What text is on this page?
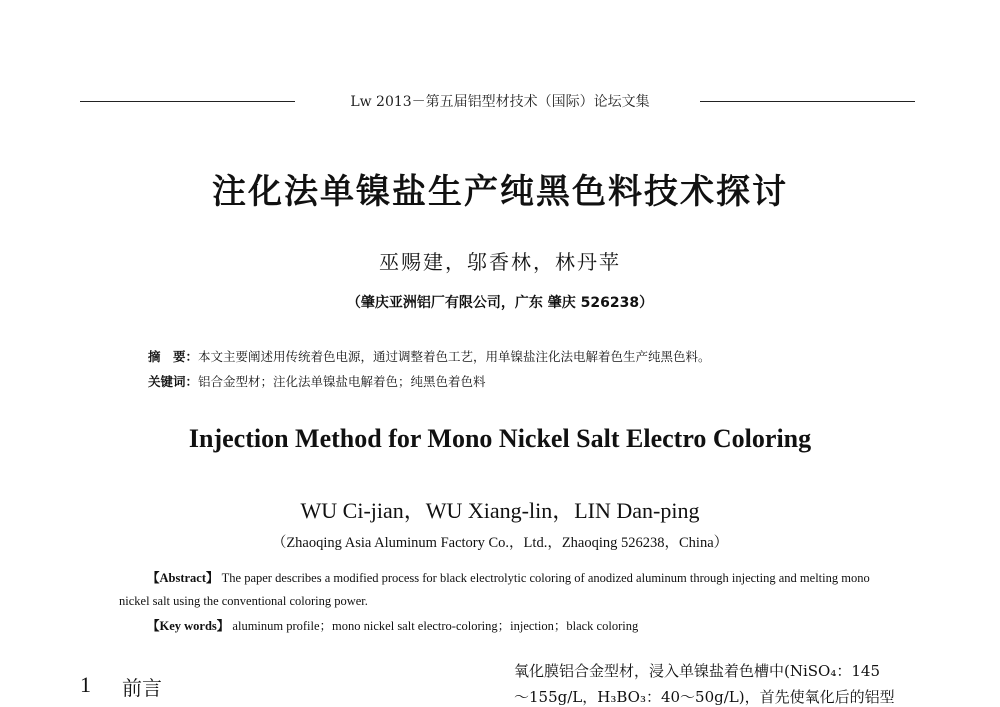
Lw 2013－第五届铝型材技术（国际）论坛文集
注化法单镍盐生产纯黑色料技术探讨
巫赐建，邬香林，林丹苹
（肇庆亚洲铝厂有限公司，广东 肇庆 526238）
摘　要：本文主要阐述用传统着色电源，通过调整着色工艺，用单镍盐注化法电解着色生产纯黑色料。
关键词：铝合金型材；注化法单镍盐电解着色；纯黑色着色料
Injection Method for Mono Nickel Salt Electro Coloring
WU Ci-jian，WU Xiang-lin，LIN Dan-ping
（Zhaoqing Asia Aluminum Factory Co.，Ltd.，Zhaoqing 526238，China）
【Abstract】 The paper describes a modified process for black electrolytic coloring of anodized aluminum through injecting and melting mono nickel salt using the conventional coloring power.
【Key words】 aluminum profile；mono nickel salt electro-coloring；injection；black coloring
1 前言
氧化膜铝合金型材，浸入单镍盐着色槽中(NiSO₄：145
～155g/L，H₃BO₃：40～50g/L)，首先使氧化后的铝型
